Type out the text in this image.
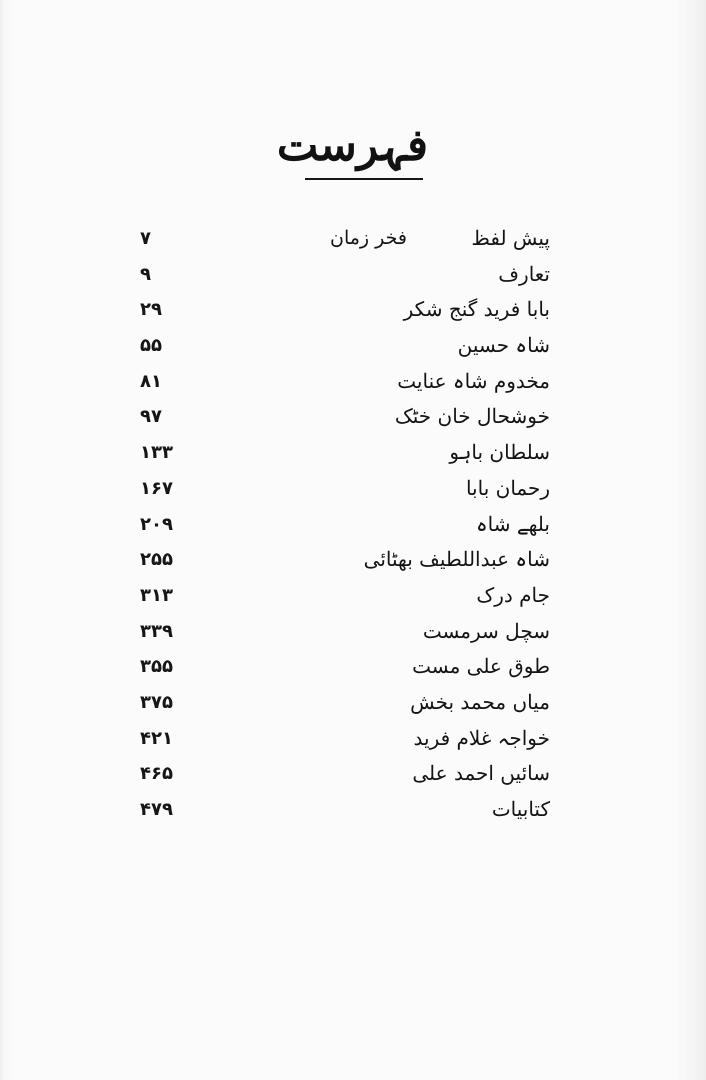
فہرست
پیش لفظ
فخر زمان
۷
تعارف
۹
بابا فرید گنج شکر
۲۹
شاہ حسین
۵۵
مخدوم شاہ عنایت
۸۱
خوشحال خان خٹک
۹۷
سلطان باہو
۱۳۳
رحمان بابا
۱۶۷
بلھے شاہ
۲۰۹
شاہ عبداللطیف بھٹائی
۲۵۵
جام درک
۳۱۳
سچل سرمست
۳۳۹
طوق علی مست
۳۵۵
میاں محمد بخش
۳۷۵
خواجہ غلام فرید
۴۲۱
سائیں احمد علی
۴۶۵
کتابیات
۴۷۹
